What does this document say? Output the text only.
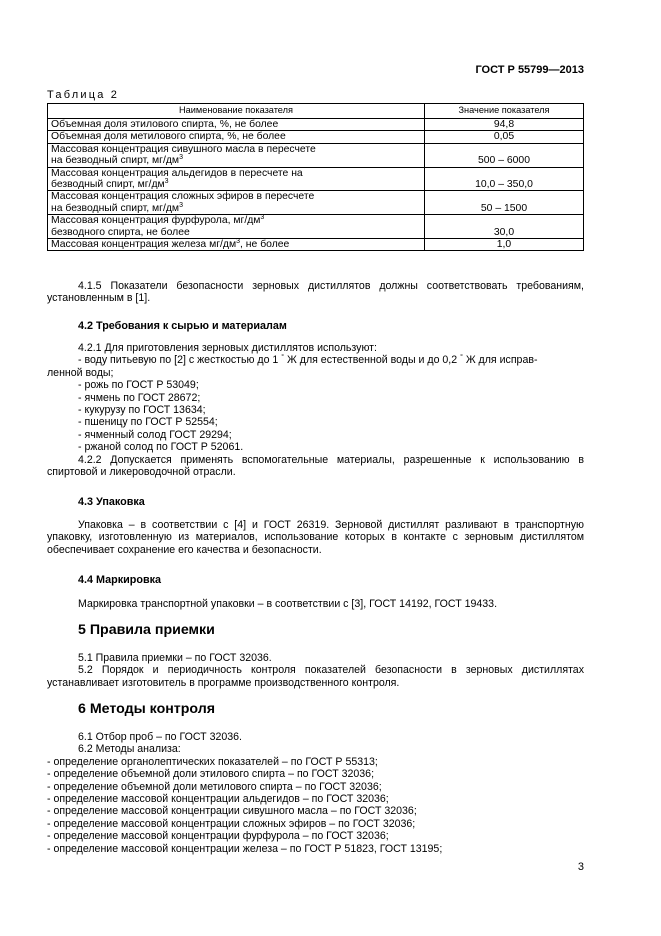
ГОСТ Р 55799—2013
Таблица 2
Наименование показателя	Значение показателя
Объемная доля этилового спирта, %, не более	94,8
Объемная доля метилового спирта, %, не более	0,05
Массовая концентрация сивушного масла в пересчете
на безводный спирт, $мг/дм^3$	500 – 6000
Массовая концентрация альдегидов в пересчете на
безводный спирт, $мг/дм^3$	10,0 – 350,0
Массовая концентрация сложных эфиров в пересчете
на безводный спирт, $мг/дм^3$	50 – 1500
Массовая концентрация фурфурола, $мг/дм^3$
безводного спирта, не более	30,0
Массовая концентрация железа $мг/дм^3$, не более	1,0

4.1.5 Показатели безопасности зерновых дистиллятов должны соответствовать требованиям, установленным в [1].

4.2 Требования к сырью и материалам

4.2.1 Для приготовления зерновых дистиллятов используют:

- воду питьевую по [2] с жесткостью до 1 ° Ж для естественной воды и до 0,2 ° Ж для исправ-
ленной воды;

- рожь по ГОСТ Р 53049;

- ячмень по ГОСТ 28672;

- кукурузу по ГОСТ 13634;

- пшеницу по ГОСТ Р 52554;

- ячменный солод ГОСТ 29294;

- ржаной солод по ГОСТ Р 52061.

4.2.2 Допускается применять вспомогательные материалы, разрешенные к использованию в спиртовой и ликероводочной отрасли.

4.3 Упаковка

Упаковка – в соответствии с [4] и ГОСТ 26319. Зерновой дистиллят разливают в транспортную упаковку, изготовленную из материалов, использование которых в контакте с зерновым дистиллятом обеспечивает сохранение его качества и безопасности.

4.4 Маркировка

Маркировка транспортной упаковки – в соответствии с [3], ГОСТ 14192, ГОСТ 19433.

5 Правила приемки

5.1 Правила приемки – по ГОСТ 32036.

5.2 Порядок и периодичность контроля показателей безопасности в зерновых дистиллятах устанавливает изготовитель в программе производственного контроля.

6 Методы контроля

6.1 Отбор проб – по ГОСТ 32036.

6.2 Методы анализа:

- определение органолептических показателей – по ГОСТ Р 55313;

- определение объемной доли этилового спирта – по ГОСТ 32036;

- определение объемной доли метилового спирта – по ГОСТ 32036;

- определение массовой концентрации альдегидов – по ГОСТ 32036;

- определение массовой концентрации сивушного масла – по ГОСТ 32036;

- определение массовой концентрации сложных эфиров – по ГОСТ 32036;

- определение массовой концентрации фурфурола – по ГОСТ 32036;

- определение массовой концентрации железа – по ГОСТ Р 51823, ГОСТ 13195;

3
